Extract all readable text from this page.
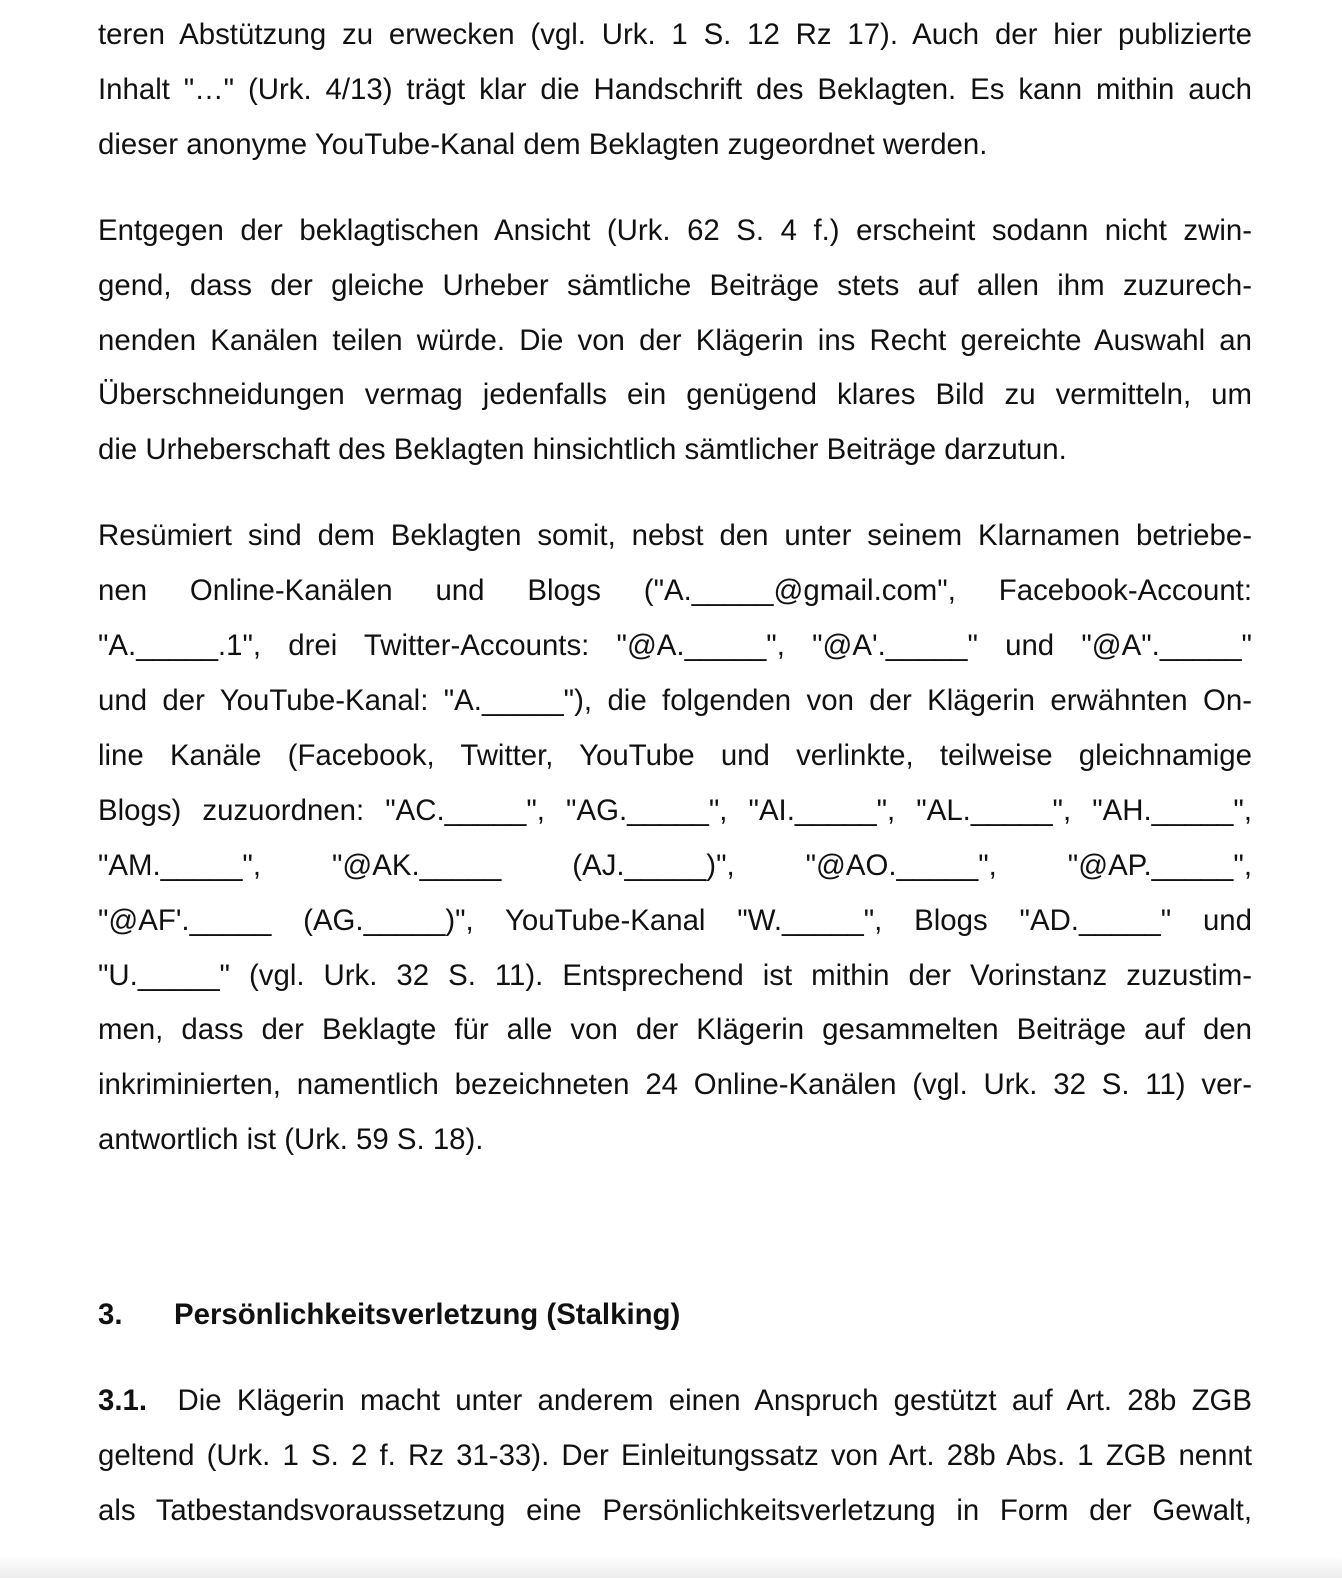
teren Abstützung zu erwecken (vgl. Urk. 1 S. 12 Rz 17). Auch der hier publizierte
Inhalt "…" (Urk. 4/13) trägt klar die Handschrift des Beklagten. Es kann mithin auch
dieser anonyme YouTube-Kanal dem Beklagten zugeordnet werden.

Entgegen der beklagtischen Ansicht (Urk. 62 S. 4 f.) erscheint sodann nicht zwin-
gend, dass der gleiche Urheber sämtliche Beiträge stets auf allen ihm zuzurech-
nenden Kanälen teilen würde. Die von der Klägerin ins Recht gereichte Auswahl an
Überschneidungen vermag jedenfalls ein genügend klares Bild zu vermitteln, um
die Urheberschaft des Beklagten hinsichtlich sämtlicher Beiträge darzutun.

Resümiert sind dem Beklagten somit, nebst den unter seinem Klarnamen betriebe-
nen Online-Kanälen und Blogs ("A._____@gmail.com", Facebook-Account:
"A._____.1", drei Twitter-Accounts: "@A._____", "@A'._____" und "@A"._____"
und der YouTube-Kanal: "A._____"), die folgenden von der Klägerin erwähnten On-
line Kanäle (Facebook, Twitter, YouTube und verlinkte, teilweise gleichnamige
Blogs) zuzuordnen: "AC._____", "AG._____", "AI._____", "AL._____", "AH._____",
"AM._____", "@AK._____ (AJ._____)", "@AO._____", "@AP._____",
"@AF'._____ (AG._____)", YouTube-Kanal "W._____", Blogs "AD._____" und
"U._____" (vgl. Urk. 32 S. 11). Entsprechend ist mithin der Vorinstanz zuzustim-
men, dass der Beklagte für alle von der Klägerin gesammelten Beiträge auf den
inkriminierten, namentlich bezeichneten 24 Online-Kanälen (vgl. Urk. 32 S. 11) ver-
antwortlich ist (Urk. 59 S. 18).

3. Persönlichkeitsverletzung (Stalking)

3.1. Die Klägerin macht unter anderem einen Anspruch gestützt auf Art. 28b ZGB
geltend (Urk. 1 S. 2 f. Rz 31-33). Der Einleitungssatz von Art. 28b Abs. 1 ZGB nennt
als Tatbestandsvoraussetzung eine Persönlichkeitsverletzung in Form der Gewalt,
